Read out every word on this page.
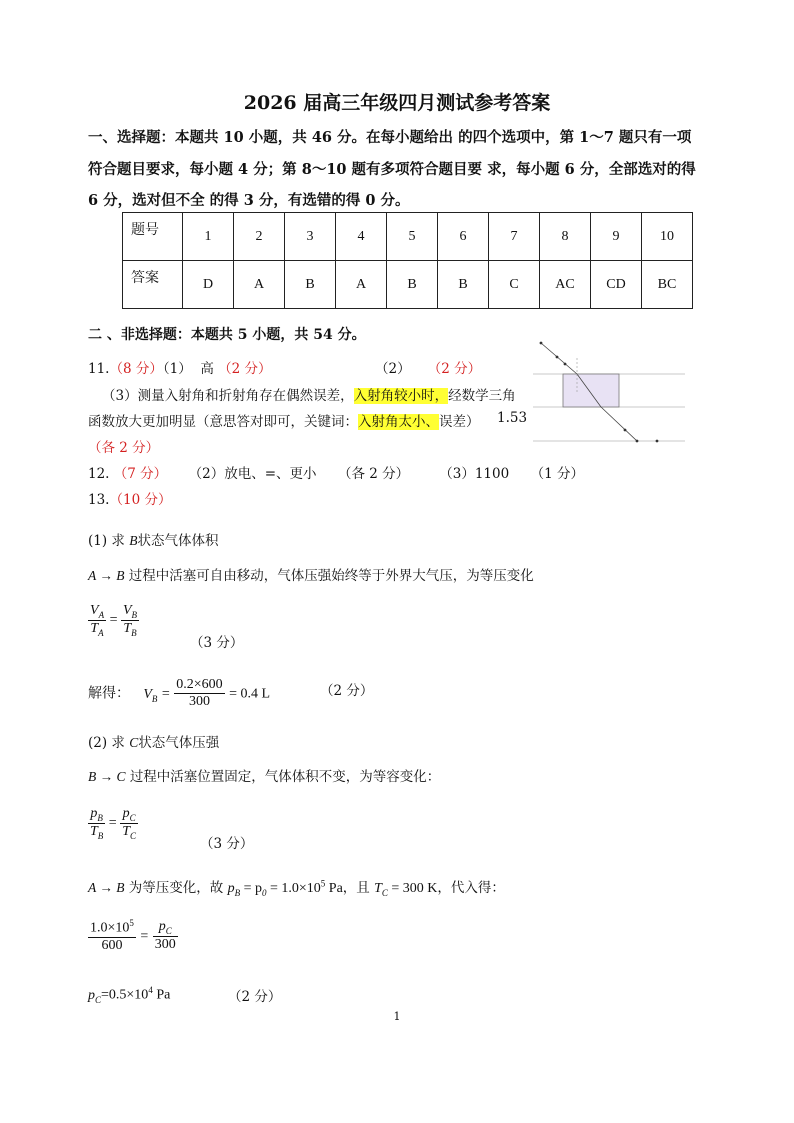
2026 届高三年级四月测试参考答案
一、选择题：本题共 10 小题，共 46 分。在每小题给出 的四个选项中，第 1～7 题只有一项
符合题目要求，每小题 4 分；第 8～10 题有多项符合题目要 求，每小题 6 分，全部选对的得
6 分，选对但不全 的得 3 分，有选错的得 0 分。
题号	1	2	3	4	5	6	7	8	9	10
答案	D	A	B	A	B	B	C	AC	CD	BC
二 、非选择题：本题共 5 小题，共 54 分。
11.（8 分）（1） 高 （2 分）	（2） （2 分）
（3）测量入射角和折射角存在偶然误差，入射角较小时，经数学三角
函数放大更加明显（意思答对即可，关键词：入射角太小、误差） 1.53
（各 2 分）
12. （7 分） （2）放电、=、更小 （各 2 分） （3）1100 （1 分）
13.（10 分）
(1) 求 B状态气体体积
A → B 过程中活塞可自由移动，气体压强始终等于外界大气压，为等压变化
$\frac{V_A}{T_A} = \frac{V_B}{T_B}$
（3 分）
解得： $V_B = \frac{0.2\times 600}{300} = 0.4$ L	（2 分）
(2) 求 C状态气体压强
B → C 过程中活塞位置固定，气体体积不变，为等容变化：
$\frac{p_B}{T_B} = \frac{p_C}{T_C}$
（3 分）
A → B 为等压变化，故 $p_B = p_0 = 1.0\times 10^5$ Pa，且 $T_C = 300$ K，代入得：
$\frac{1.0\times 10^5}{600} = \frac{p_C}{300}$
$p_C=0.5\times 10^4$ Pa	（2 分）
1
